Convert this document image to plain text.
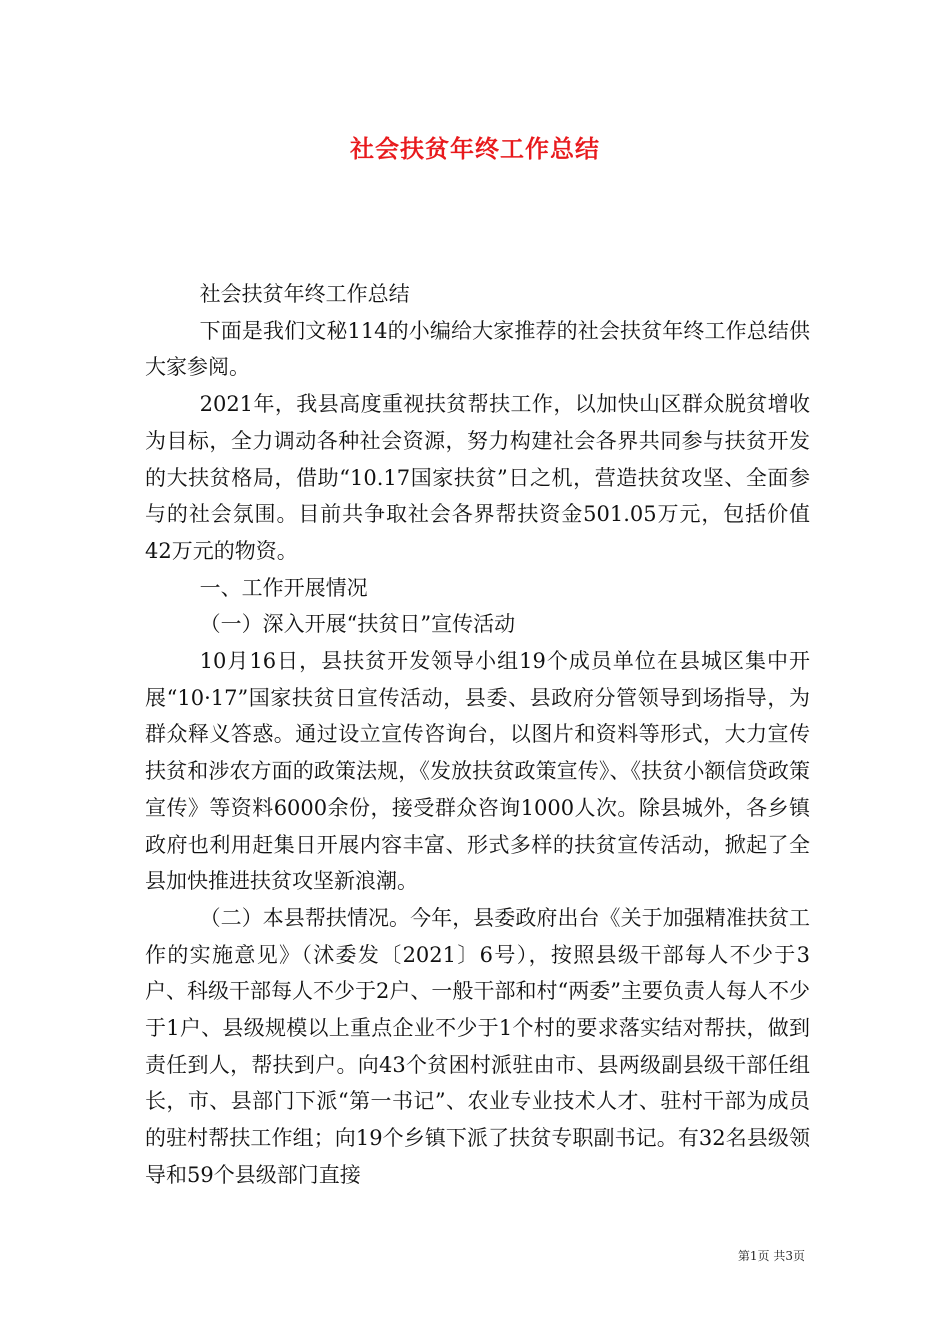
社会扶贫年终工作总结

社会扶贫年终工作总结

下面是我们文秘114的小编给大家推荐的社会扶贫年终工作总结供大家参阅。

2021年，我县高度重视扶贫帮扶工作，以加快山区群众脱贫增收为目标，全力调动各种社会资源，努力构建社会各界共同参与扶贫开发的大扶贫格局，借助“10.17国家扶贫”日之机，营造扶贫攻坚、全面参与的社会氛围。目前共争取社会各界帮扶资金501.05万元，包括价值42万元的物资。

一、工作开展情况

（一）深入开展“扶贫日”宣传活动

10月16日，县扶贫开发领导小组19个成员单位在县城区集中开展“10·17”国家扶贫日宣传活动，县委、县政府分管领导到场指导，为群众释义答惑。通过设立宣传咨询台，以图片和资料等形式，大力宣传扶贫和涉农方面的政策法规，《发放扶贫政策宣传》、《扶贫小额信贷政策宣传》等资料6000余份，接受群众咨询1000人次。除县城外，各乡镇政府也利用赶集日开展内容丰富、形式多样的扶贫宣传活动，掀起了全县加快推进扶贫攻坚新浪潮。

（二）本县帮扶情况。今年，县委政府出台《关于加强精准扶贫工作的实施意见》（沭委发〔2021〕6号），按照县级干部每人不少于3户、科级干部每人不少于2户、一般干部和村“两委”主要负责人每人不少于1户、县级规模以上重点企业不少于1个村的要求落实结对帮扶，做到责任到人，帮扶到户。向43个贫困村派驻由市、县两级副县级干部任组长，市、县部门下派“第一书记”、农业专业技术人才、驻村干部为成员的驻村帮扶工作组；向19个乡镇下派了扶贫专职副书记。有32名县级领导和59个县级部门直接

第1页 共3页
